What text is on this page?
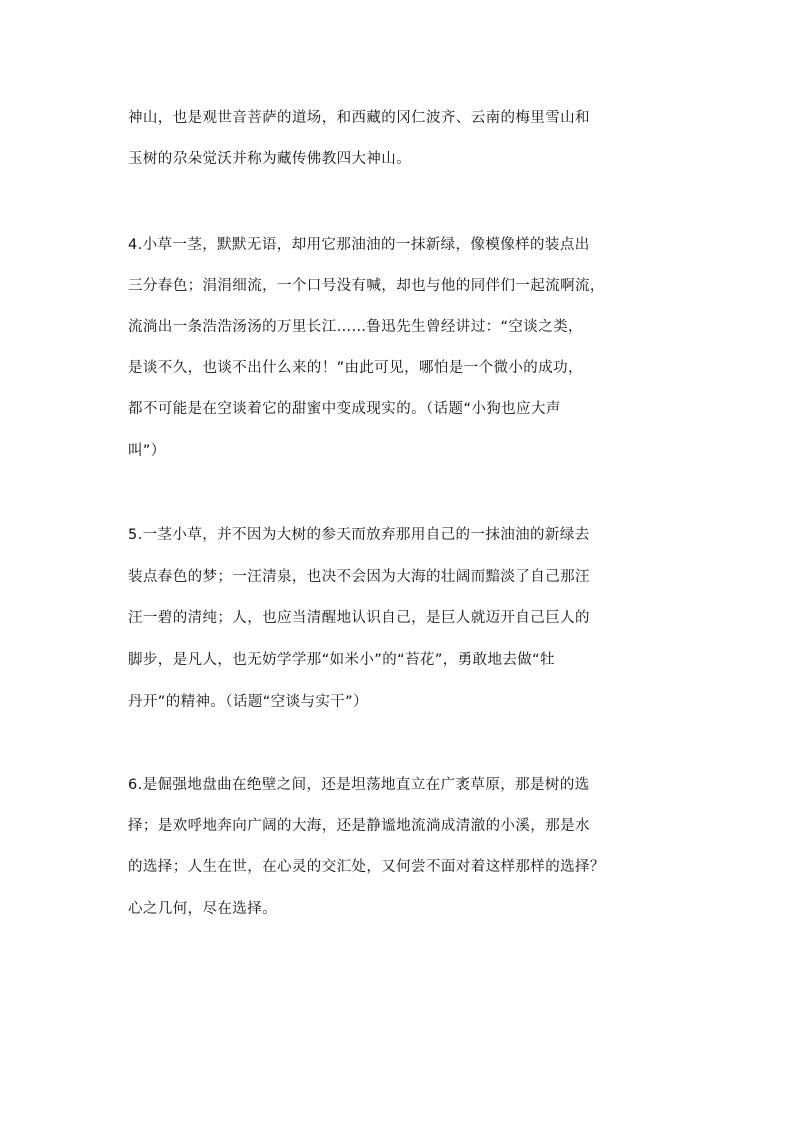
神山，也是观世音菩萨的道场，和西藏的冈仁波齐、云南的梅里雪山和
玉树的尕朵觉沃并称为藏传佛教四大神山。
4.小草一茎，默默无语，却用它那油油的一抹新绿，像模像样的装点出
三分春色；涓涓细流，一个口号没有喊，却也与他的同伴们一起流啊流，
流淌出一条浩浩汤汤的万里长江……鲁迅先生曾经讲过：“空谈之类，
是谈不久，也谈不出什么来的！”由此可见，哪怕是一个微小的成功，
都不可能是在空谈着它的甜蜜中变成现实的。（话题“小狗也应大声
叫”）
5.一茎小草，并不因为大树的参天而放弃那用自己的一抹油油的新绿去
装点春色的梦；一汪清泉，也决不会因为大海的壮阔而黯淡了自己那汪
汪一碧的清纯；人，也应当清醒地认识自己，是巨人就迈开自己巨人的
脚步，是凡人，也无妨学学那“如米小”的“苔花”，勇敢地去做“牡
丹开”的精神。（话题“空谈与实干”）
6.是倔强地盘曲在绝壁之间，还是坦荡地直立在广袤草原，那是树的选
择；是欢呼地奔向广阔的大海，还是静谧地流淌成清澈的小溪，那是水
的选择；人生在世，在心灵的交汇处，又何尝不面对着这样那样的选择？
心之几何，尽在选择。
